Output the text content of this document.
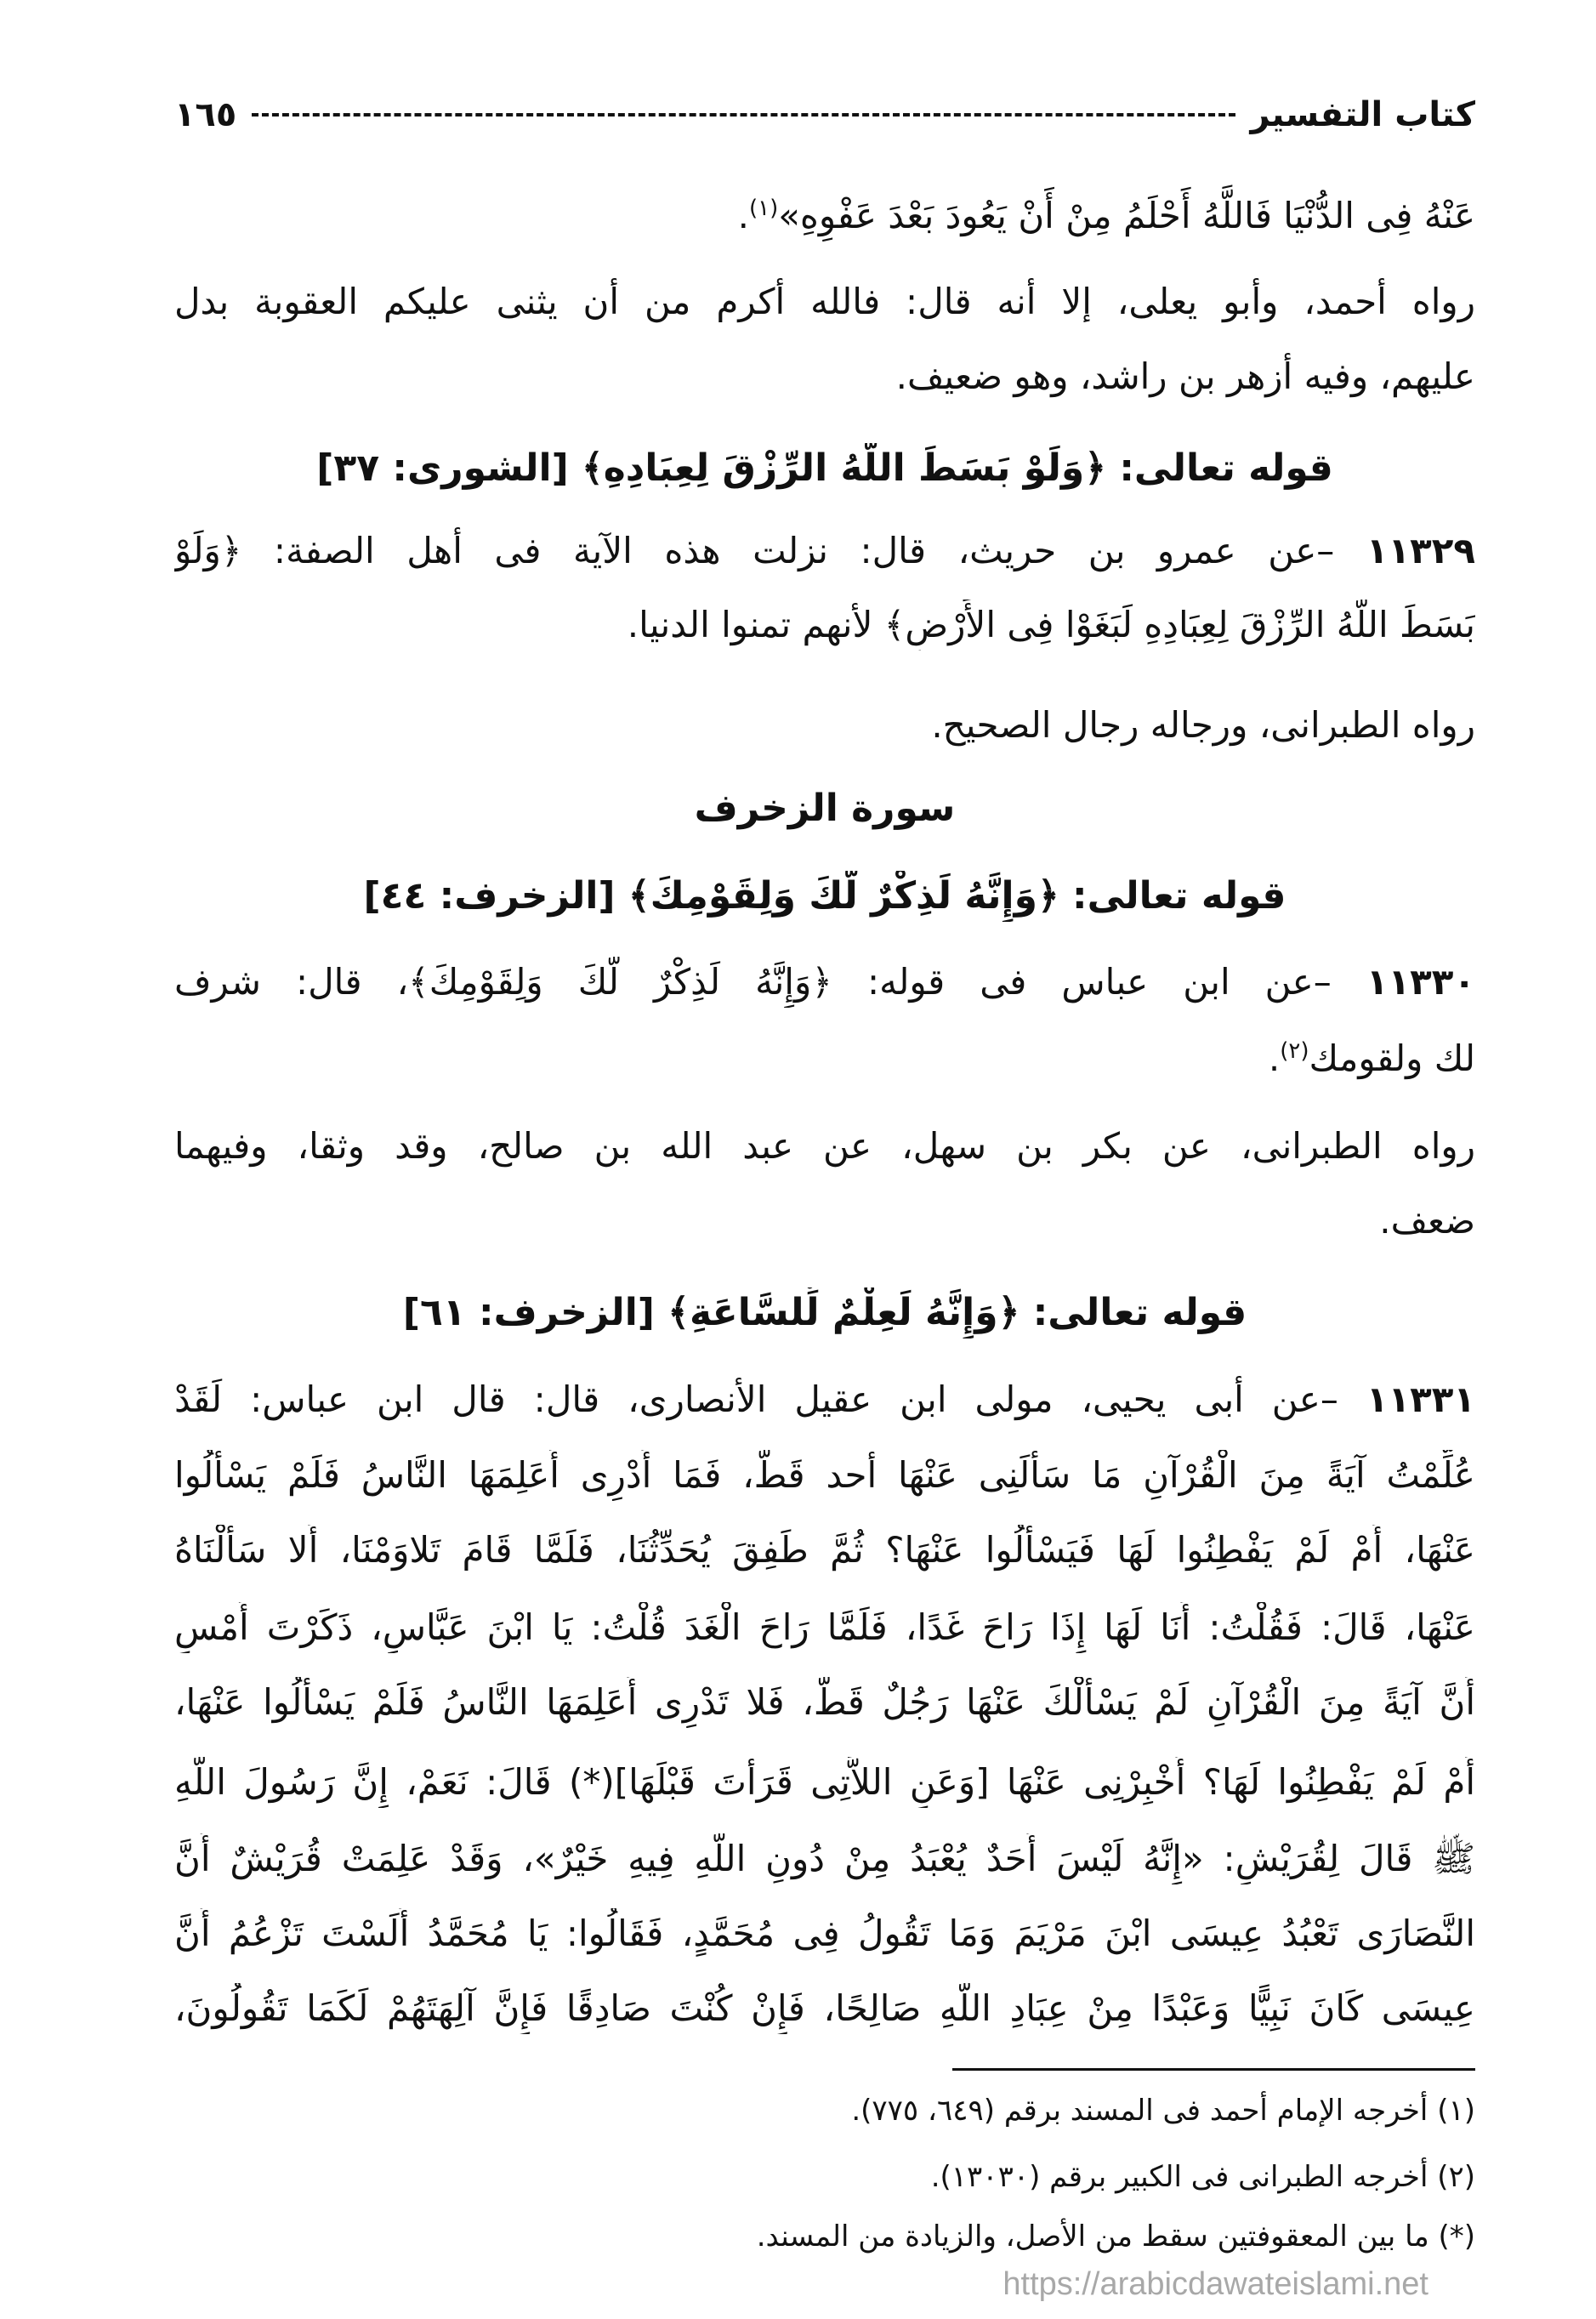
كتاب التفسير
١٦٥
عَنْهُ فِى الدُّنْيَا فَاللَّهُ أَحْلَمُ مِنْ أَنْ يَعُودَ بَعْدَ عَفْوِهِ»$^{(١)}$.
رواه أحمد، وأبو يعلى، إلا أنه قال: فالله أكرم من أن يثنى عليكم العقوبة بدل
عليهم، وفيه أزهر بن راشد، وهو ضعيف.
قوله تعالى: ﴿وَلَوْ بَسَطَ اللَّهُ الرِّزْقَ لِعِبَادِهِ﴾ [الشورى: ٣٧]
١١٣٢٩ –عن عمرو بن حريث، قال: نزلت هذه الآية فى أهل الصفة: ﴿وَلَوْ
بَسَطَ اللَّهُ الرِّزْقَ لِعِبَادِهِ لَبَغَوْا فِى الأَرْضِ﴾ لأنهم تمنوا الدنيا.
رواه الطبرانى، ورجاله رجال الصحيح.
سورة الزخرف
قوله تعالى: ﴿وَإِنَّهُ لَذِكْرٌ لَّكَ وَلِقَوْمِكَ﴾ [الزخرف: ٤٤]
١١٣٣٠ –عن ابن عباس فى قوله: ﴿وَإِنَّهُ لَذِكْرٌ لَّكَ وَلِقَوْمِكَ﴾، قال: شرف
لك ولقومك$^{(٢)}$.
رواه الطبرانى، عن بكر بن سهل، عن عبد الله بن صالح، وقد وثقا، وفيهما
ضعف.
قوله تعالى: ﴿وَإِنَّهُ لَعِلْمٌ لِّلسَّاعَةِ﴾ [الزخرف: ٦١]
١١٣٣١ –عن أبى يحيى، مولى ابن عقيل الأنصارى، قال: قال ابن عباس: لَقَدْ
عُلِّمْتُ آيَةً مِنَ الْقُرْآنِ مَا سَأَلَنِى عَنْهَا أحد قَطُّ، فَمَا أَدْرِى أَعَلِمَهَا النَّاسُ فَلَمْ يَسْأَلُوا
عَنْهَا، أَمْ لَمْ يَفْطِنُوا لَهَا فَيَسْأَلُوا عَنْهَا؟ ثُمَّ طَفِقَ يُحَدِّثُنَا، فَلَمَّا قَامَ تَلاوَمْنَا، أَلا سَأَلْنَاهُ
عَنْهَا، قَالَ: فَقُلْتُ: أَنَا لَهَا إِذَا رَاحَ غَدًا، فَلَمَّا رَاحَ الْغَدَ قُلْتُ: يَا ابْنَ عَبَّاسٍ، ذَكَرْتَ أَمْسِ
أَنَّ آيَةً مِنَ الْقُرْآنِ لَمْ يَسْأَلْكَ عَنْهَا رَجُلٌ قَطُّ، فَلا تَدْرِى أَعَلِمَهَا النَّاسُ فَلَمْ يَسْأَلُوا عَنْهَا،
أَمْ لَمْ يَفْطِنُوا لَهَا؟ أَخْبِرْنِى عَنْهَا [وَعَنِ اللاَّتِى قَرَأْتَ قَبْلَهَا](*) قَالَ: نَعَمْ، إِنَّ رَسُولَ اللَّهِ
ﷺ قَالَ لِقُرَيْشٍ: «إِنَّهُ لَيْسَ أَحَدٌ يُعْبَدُ مِنْ دُونِ اللَّهِ فِيهِ خَيْرٌ»، وَقَدْ عَلِمَتْ قُرَيْشٌ أَنَّ
النَّصَارَى تَعْبُدُ عِيسَى ابْنَ مَرْيَمَ وَمَا تَقُولُ فِى مُحَمَّدٍ، فَقَالُوا: يَا مُحَمَّدُ أَلَسْتَ تَزْعُمُ أَنَّ
عِيسَى كَانَ نَبِيًّا وَعَبْدًا مِنْ عِبَادِ اللَّهِ صَالِحًا، فَإِنْ كُنْتَ صَادِقًا فَإِنَّ آلِهَتَهُمْ لَكَمَا تَقُولُونَ،
(١) أخرجه الإمام أحمد فى المسند برقم (٦٤٩، ٧٧٥).
(٢) أخرجه الطبرانى فى الكبير برقم (١٣٠٣٠).
(*) ما بين المعقوفتين سقط من الأصل، والزيادة من المسند.
https://arabicdawateislami.net
